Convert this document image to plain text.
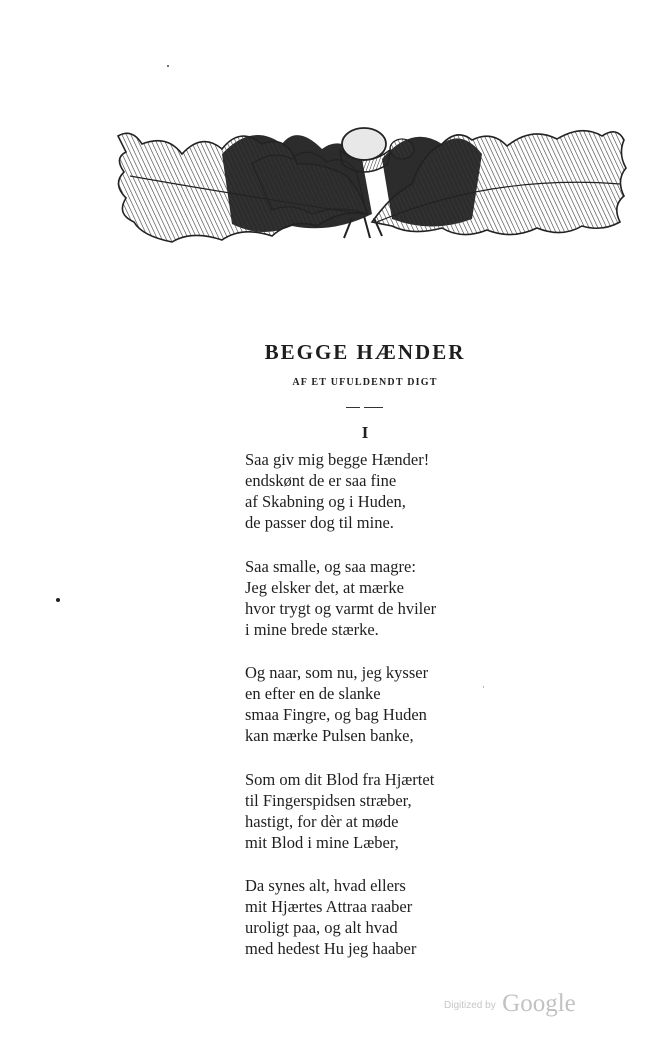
BEGGE HÆNDER
AF ET UFULDENDT DIGT
I
Saa giv mig begge Hænder!
endskønt de er saa fine
af Skabning og i Huden,
de passer dog til mine.
Saa smalle, og saa magre:
Jeg elsker det, at mærke
hvor trygt og varmt de hviler
i mine brede stærke.
Og naar, som nu, jeg kysser
en efter en de slanke
smaa Fingre, og bag Huden
kan mærke Pulsen banke,
Som om dit Blod fra Hjærtet
til Fingerspidsen stræber,
hastigt, for dèr at møde
mit Blod i mine Læber,
Da synes alt, hvad ellers
mit Hjærtes Attraa raaber
uroligt paa, og alt hvad
med hedest Hu jeg haaber
Digitized by Google
